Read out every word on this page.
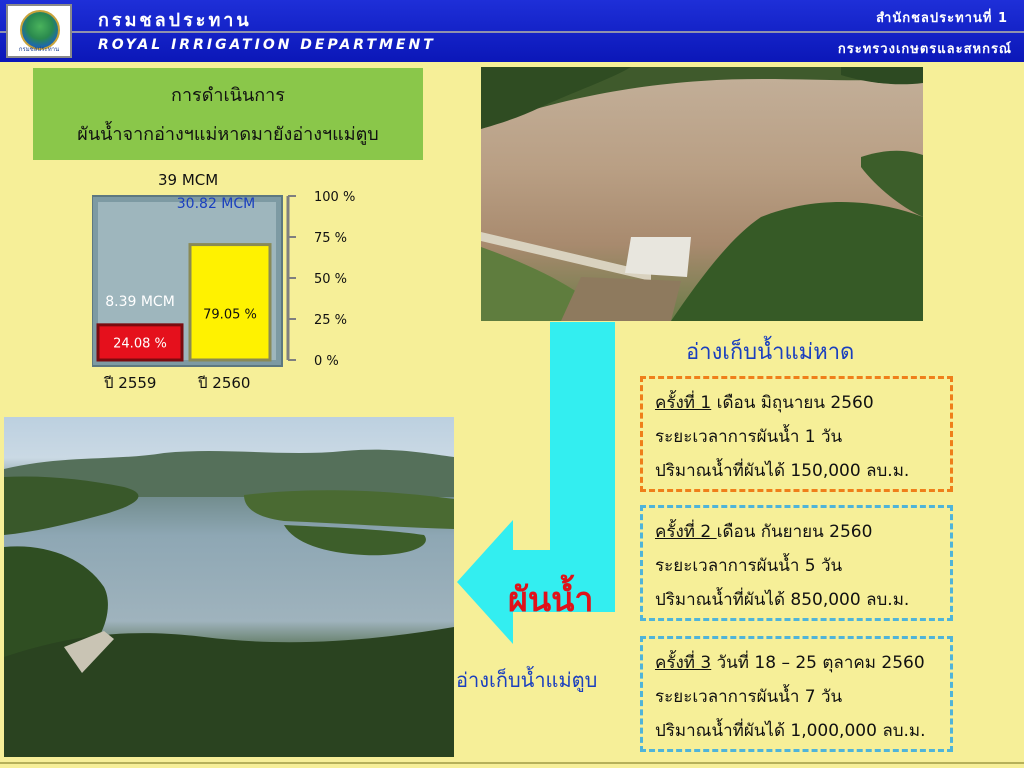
กรมชลประทาน
กรมชลประทาน
ROYAL IRRIGATION DEPARTMENT
สำนักชลประทานที่ 1
กระทรวงเกษตรและสหกรณ์
การดำเนินการ
ผันน้ำจากอ่างฯแม่หาดมายังอ่างฯแม่ตูบ
39 MCM
0 %
25 %
50 %
75 %
100 %
24.08 %
79.05 %
8.39 MCM
30.82 MCM
ปี 2559	ปี 2560
อ่างเก็บน้ำแม่หาด
ผันน้ำ
อ่างเก็บน้ำแม่ตูบ
ครั้งที่ 1 เดือน มิถุนายน 2560
ระยะเวลาการผันน้ำ 1 วัน
ปริมาณน้ำที่ผันได้ 150,000 ลบ.ม.
ครั้งที่ 2 เดือน กันยายน 2560
ระยะเวลาการผันน้ำ 5 วัน
ปริมาณน้ำที่ผันได้ 850,000 ลบ.ม.
ครั้งที่ 3 วันที่ 18 – 25 ตุลาคม 2560
ระยะเวลาการผันน้ำ 7 วัน
ปริมาณน้ำที่ผันได้ 1,000,000 ลบ.ม.
